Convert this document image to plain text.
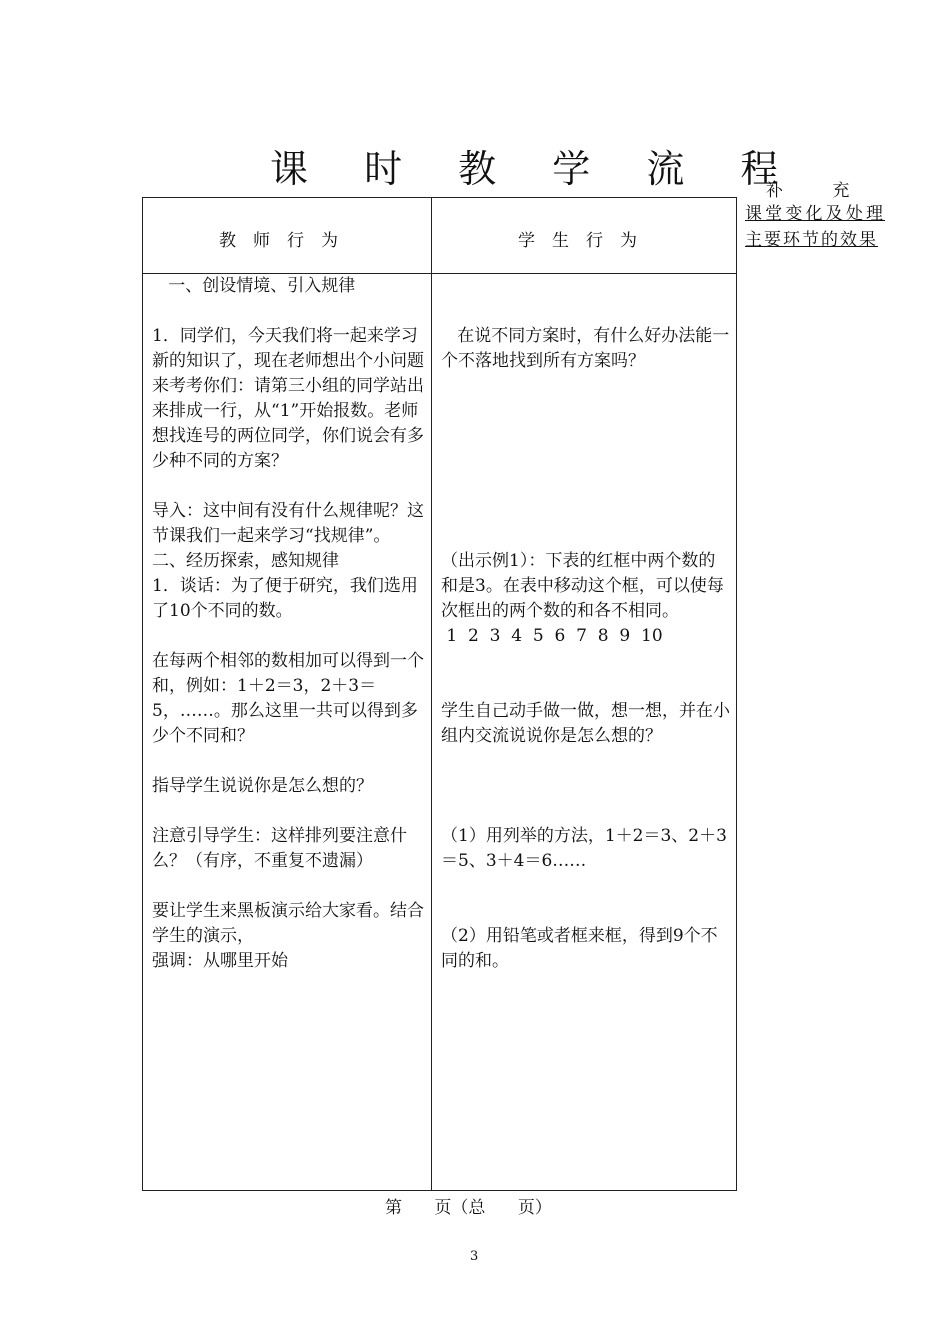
课 时 教 学 流 程
补 充
课堂变化及处理主要环节的效果
教　师　行　为	学　生　行　为
一、创设情境、引入规律

1．同学们，今天我们将一起来学习新的知识了，现在老师想出个小问题来考考你们：请第三小组的同学站出来排成一行，从“1”开始报数。老师想找连号的两位同学，你们说会有多少种不同的方案？

导入：这中间有没有什么规律呢？这节课我们一起来学习“找规律”。
二、经历探索，感知规律
1．谈话：为了便于研究，我们选用了10个不同的数。

在每两个相邻的数相加可以得到一个和，例如：1＋2＝3，2＋3＝5，……。那么这里一共可以得到多少个不同和？

指导学生说说你是怎么想的？

注意引导学生：这样排列要注意什么？（有序，不重复不遗漏）

要让学生来黑板演示给大家看。结合学生的演示，
强调：从哪里开始

在说不同方案时，有什么好办法能一个不落地找到所有方案吗？

（出示例1）：下表的红框中两个数的和是3。在表中移动这个框，可以使每次框出的两个数的和各不相同。
1  2  3  4  5  6  7  8  9  10

学生自己动手做一做，想一想，并在小组内交流说说你是怎么想的？

（1）用列举的方法，1＋2＝3、2＋3＝5、3＋4＝6……

（2）用铅笔或者框来框，得到9个不同的和。
第      页（总      页）
3
